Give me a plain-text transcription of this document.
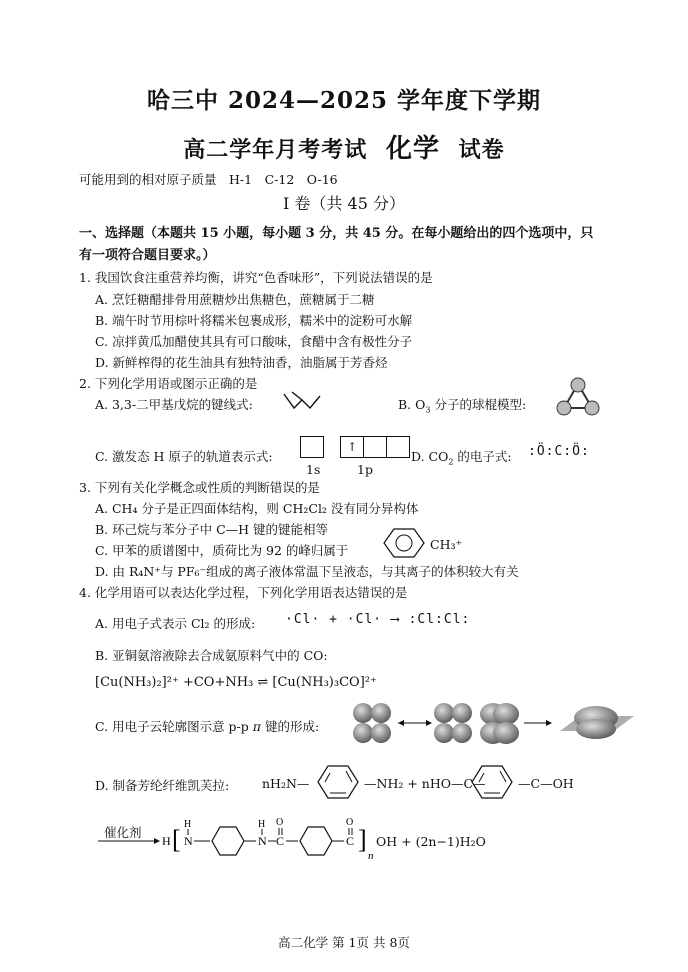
哈三中 2024—2025 学年度下学期
高二学年月考考试 化学 试卷
可能用到的相对原子质量　H-1　C-12　O-16
I 卷（共 45 分）
一、选择题（本题共 15 小题，每小题 3 分，共 45 分。在每小题给出的四个选项中，只
有一项符合题目要求。）
1. 我国饮食注重营养均衡，讲究“色香味形”，下列说法错误的是
A. 烹饪糖醋排骨用蔗糖炒出焦糖色，蔗糖属于二糖
B. 端午时节用棕叶将糯米包裹成形，糯米中的淀粉可水解
C. 凉拌黄瓜加醋使其具有可口酸味，食醋中含有极性分子
D. 新鲜榨得的花生油具有独特油香，油脂属于芳香烃
2. 下列化学用语或图示正确的是
A. 3,3-二甲基戊烷的键线式:	B. $O_3$ 分子的球棍模型:
C. 激发态 H 原子的轨道表示式:
↑
1s	1p
D. $CO_2$ 的电子式: :Ö:C:Ö:
3. 下列有关化学概念或性质的判断错误的是
A. CH₄ 分子是正四面体结构，则 CH₂Cl₂ 没有同分异构体
B. 环己烷与苯分子中 C—H 键的键能相等
C. 甲苯的质谱图中，质荷比为 92 的峰归属于	CH₃⁺
D. 由 R₄N⁺与 PF₆⁻组成的离子液体常温下呈液态，与其离子的体积较大有关
4. 化学用语可以表达化学过程，下列化学用语表达错误的是
A. 用电子式表示 Cl₂ 的形成: ·Cl· + ·Cl· ⟶ :Cl:Cl:
B. 亚铜氨溶液除去合成氨原料气中的 CO:
[Cu(NH₃)₂]²⁺ +CO+NH₃ ⇌ [Cu(NH₃)₃CO]²⁺
C. 用电子云轮廓图示意 p-p π 键的形成:
D. 制备芳纶纤维凯芙拉:	nH₂N—	—NH₂ + nHO—C—	—C—OH
催化剂
H [ N
H
N
H
C
O
C
O
]
n
OH + (2n−1)H₂O
高二化学 第 1页 共 8页
